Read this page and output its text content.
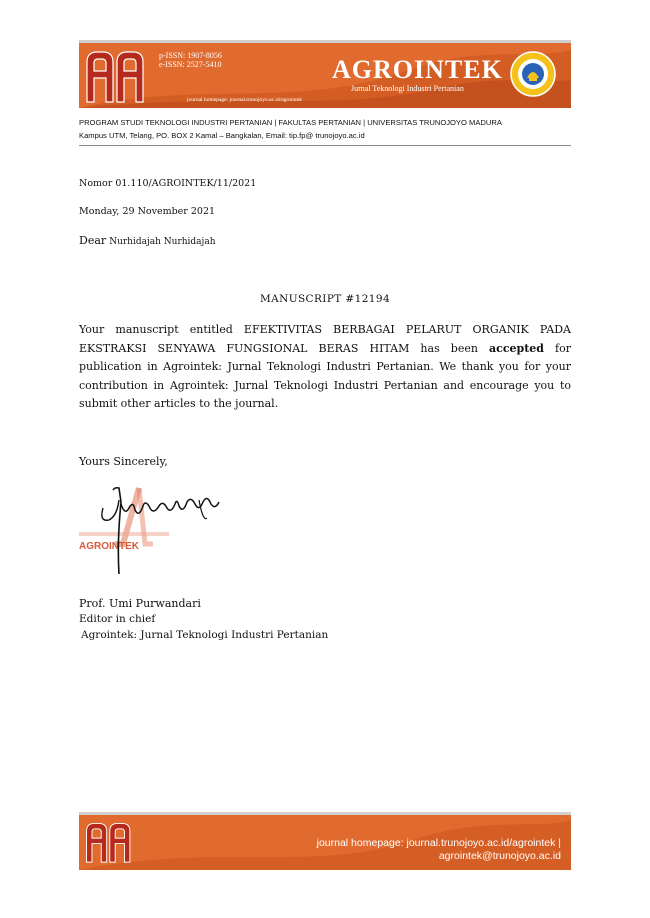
p-ISSN: 1907-8056
e-ISSN: 2527-5410	AGROINTEK
Jurnal Teknologi Industri Pertanian
journal homepage: journal.trunojoyo.ac.id/agrointek
PROGRAM STUDI TEKNOLOGI INDUSTRI PERTANIAN | FAKULTAS PERTANIAN | UNIVERSITAS TRUNOJOYO MADURA
Kampus UTM, Telang, PO. BOX 2 Kamal – Bangkalan, Email: tip.fp@ trunojoyo.ac.id
Nomor 01.110/AGROINTEK/11/2021
Monday, 29 November 2021
Dear Nurhidajah Nurhidajah
MANUSCRIPT #12194
Your manuscript entitled EFEKTIVITAS BERBAGAI PELARUT ORGANIK PADA EKSTRAKSI SENYAWA FUNGSIONAL BERAS HITAM has been accepted for publication in Agrointek: Jurnal Teknologi Industri Pertanian. We thank you for your contribution in Agrointek: Jurnal Teknologi Industri Pertanian and encourage you to submit other articles to the journal.
Yours Sincerely,
AGROINTEK
Prof. Umi Purwandari
Editor in chief
Agrointek: Jurnal Teknologi Industri Pertanian
journal homepage: journal.trunojoyo.ac.id/agrointek |
agrointek@trunojoyo.ac.id
